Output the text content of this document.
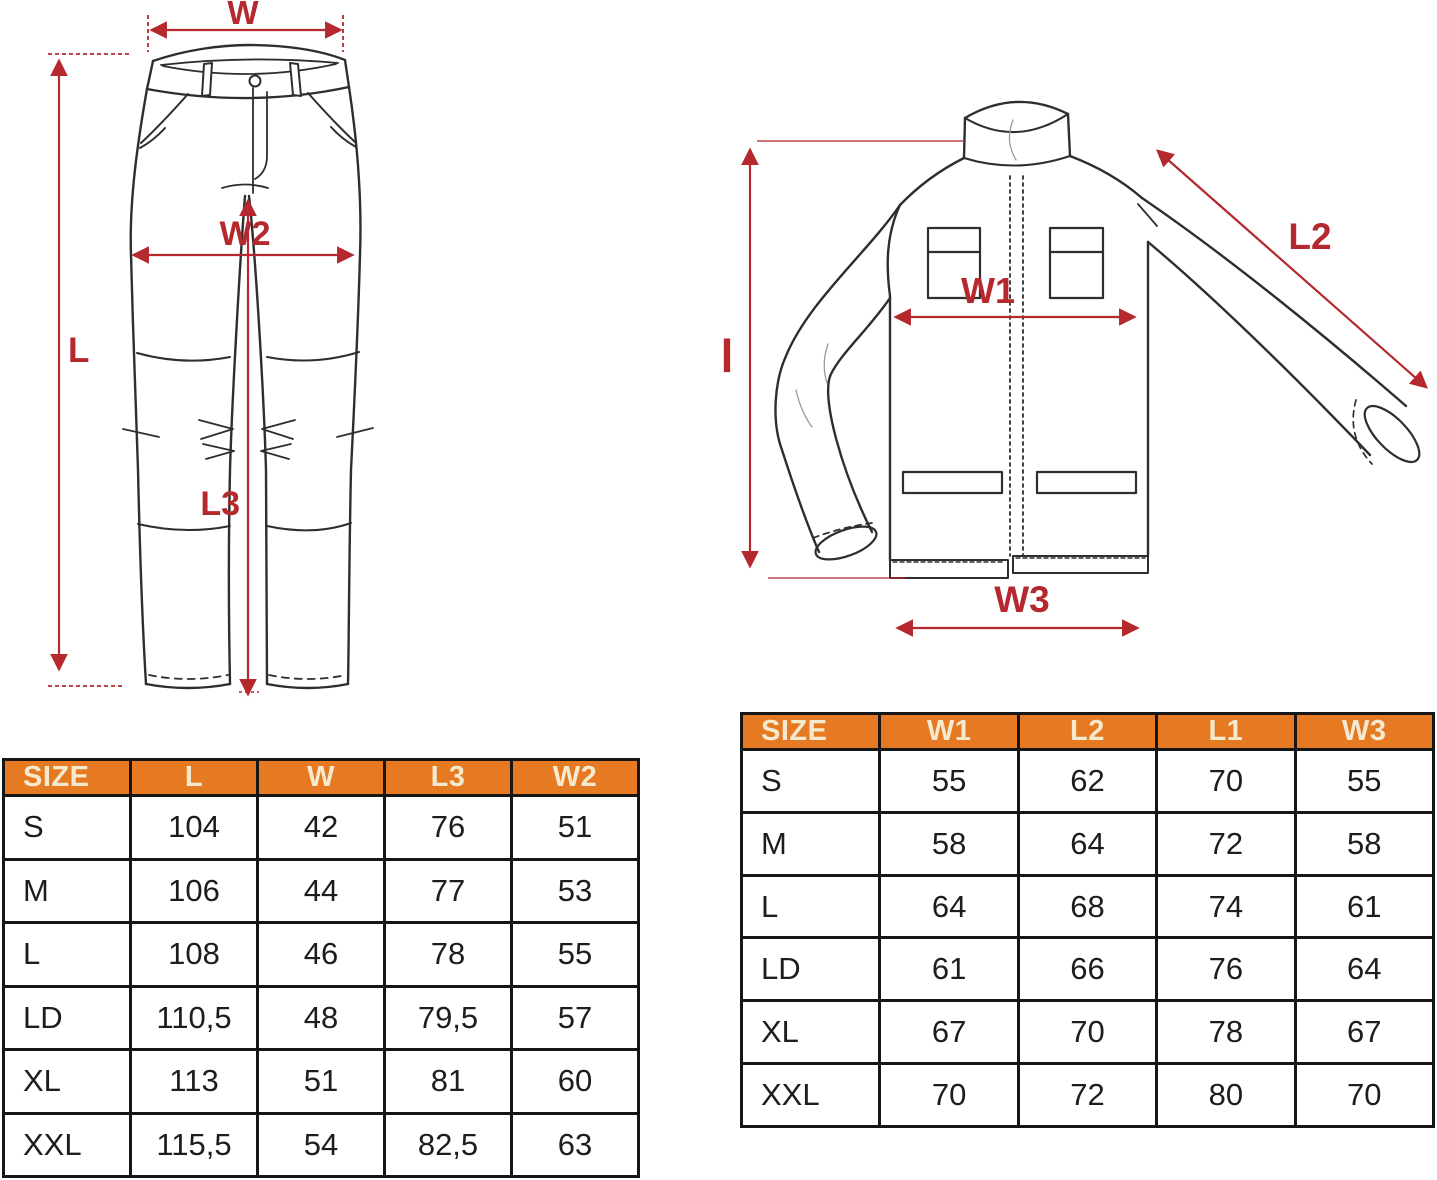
W
L
W2
L3
l
W1
L2
W3
SIZE	L	W	L3	W2
S	104	42	76	51
M	106	44	77	53
L	108	46	78	55
LD	110,5	48	79,5	57
XL	113	51	81	60
XXL	115,5	54	82,5	63
SIZE	W1	L2	L1	W3
S	55	62	70	55
M	58	64	72	58
L	64	68	74	61
LD	61	66	76	64
XL	67	70	78	67
XXL	70	72	80	70
